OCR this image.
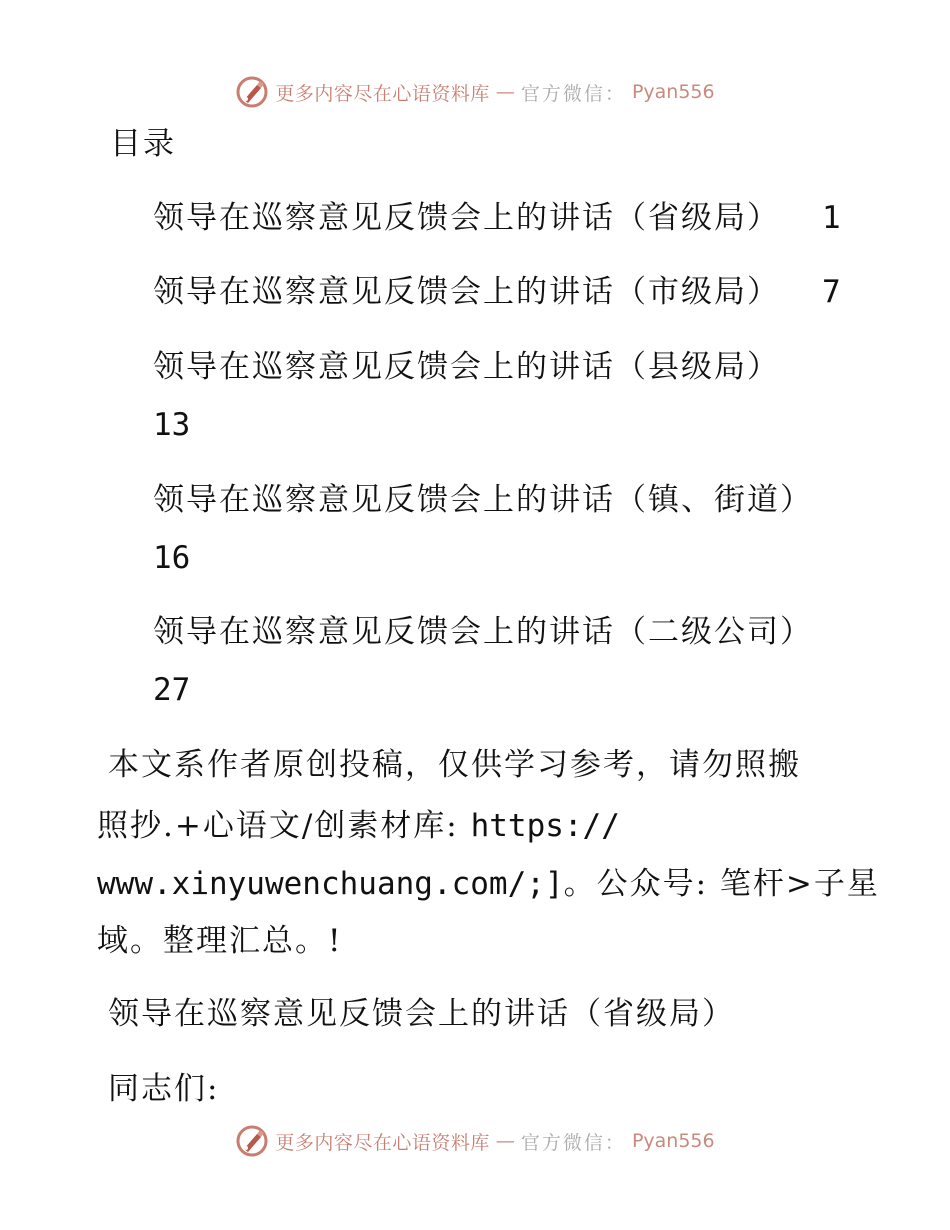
更多内容尽在心语资料库 — 官方微信： Pyan556
目录
领导在巡察意见反馈会上的讲话（省级局） 1
领导在巡察意见反馈会上的讲话（市级局） 7
领导在巡察意见反馈会上的讲话（县级局）
13
领导在巡察意见反馈会上的讲话（镇、街道）
16
领导在巡察意见反馈会上的讲话（二级公司）
27
本文系作者原创投稿，仅供学习参考，请勿照搬
照抄.+心语文/创素材库: https://
www.xinyuwenchuang.com/;]。公众号: 笔杆>子星
域。整理汇总。!
领导在巡察意见反馈会上的讲话（省级局）
同志们:
更多内容尽在心语资料库 — 官方微信： Pyan556
